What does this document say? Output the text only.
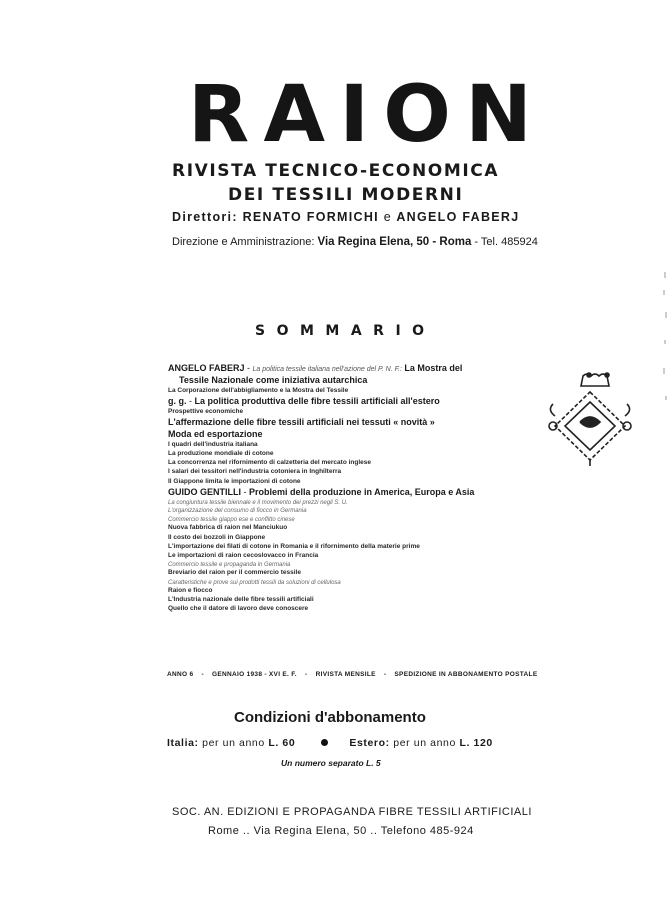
RAION
RIVISTA TECNICO-ECONOMICA
DEI TESSILI MODERNI
Direttori: RENATO FORMICHI e ANGELO FABERJ
Direzione e Amministrazione: Via Regina Elena, 50 - Roma - Tel. 485924
SOMMARIO
ANGELO FABERJ - La politica tessile italiana nell'azione del P. N. F.: La Mostra del
Tessile Nazionale come iniziativa autarchica
La Corporazione dell'abbigliamento e la Mostra del Tessile
g. g. - La politica produttiva delle fibre tessili artificiali all'estero
Prospettive economiche
L'affermazione delle fibre tessili artificiali nei tessuti « novità »
Moda ed esportazione
I quadri dell'industria italiana
La produzione mondiale di cotone
La concorrenza nel rifornimento di calzetteria del mercato inglese
I salari dei tessitori nell'industria cotoniera in Inghilterra
Il Giappone limita le importazioni di cotone
GUIDO GENTILLI - Problemi della produzione in America, Europa e Asia
La congiuntura tessile biennale e il movimento dei prezzi negli S. U.
L'organizzazione del consumo di fiocco in Germania
Commercio tessile giappo ese e conflitto cinese
Nuova fabbrica di raion nel Manciukuo
Il costo dei bozzoli in Giappone
L'importazione dei filati di cotone in Romania e il rifornimento della materie prime
Le importazioni di raion cecoslovacco in Francia
Commercio tessile e propaganda in Germania
Breviario del raion per il commercio tessile
Caratteristiche e prove sui prodotti tessili da soluzioni di cellulosa
Raion e fiocco
L'Industria nazionale delle fibre tessili artificiali
Quello che il datore di lavoro deve conoscere
ANNO 6 - GENNAIO 1938 - XVI E. F. - RIVISTA MENSILE - SPEDIZIONE IN ABBONAMENTO POSTALE
Condizioni d'abbonamento
Italia: per un anno L. 60	Estero: per un anno L. 120
Un numero separato L. 5
SOC. AN. EDIZIONI E PROPAGANDA FIBRE TESSILI ARTIFICIALI
Rome .. Via Regina Elena, 50 .. Telefono 485-924
